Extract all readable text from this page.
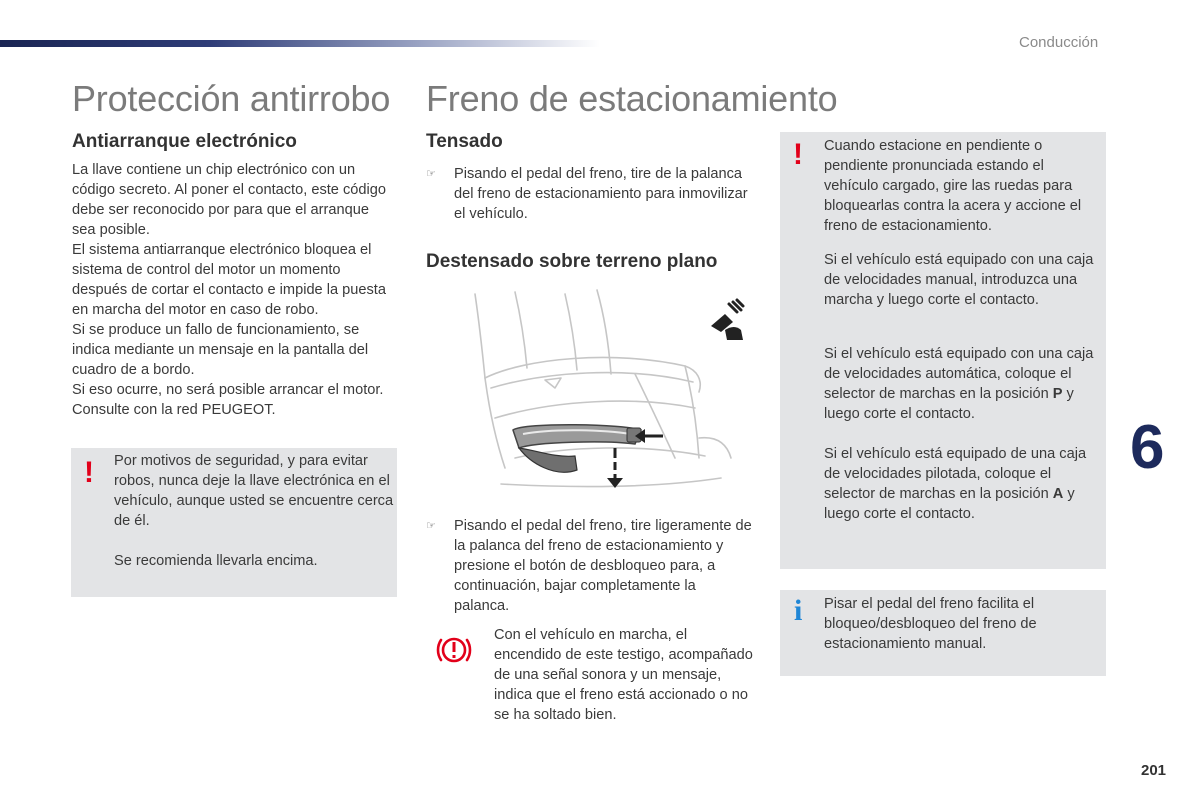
Conducción
Protección antirrobo
Antiarranque electrónico

La llave contiene un chip electrónico con un código secreto. Al poner el contacto, este código debe ser reconocido por para que el arranque sea posible.

El sistema antiarranque electrónico bloquea el sistema de control del motor un momento después de cortar el contacto e impide la puesta en marcha del motor en caso de robo.

Si se produce un fallo de funcionamiento, se indica mediante un mensaje en la pantalla del cuadro de a bordo.

Si eso ocurre, no será posible arrancar el motor. Consulte con la red PEUGEOT.

! Por motivos de seguridad, y para evitar robos, nunca deje la llave electrónica en el vehículo, aunque usted se encuentre cerca de él.

Se recomienda llevarla encima.

Freno de estacionamiento
Tensado
☞ Pisando el pedal del freno, tire de la palanca del freno de estacionamiento para inmovilizar el vehículo.
Destensado sobre terreno plano
☞ Pisando el pedal del freno, tire ligeramente de la palanca del freno de estacionamiento y presione el botón de desbloqueo para, a continuación, bajar completamente la palanca.
Con el vehículo en marcha, el encendido de este testigo, acompañado de una señal sonora y un mensaje, indica que el freno está accionado o no se ha soltado bien.
! Cuando estacione en pendiente o pendiente pronunciada estando el vehículo cargado, gire las ruedas para bloquearlas contra la acera y accione el freno de estacionamiento.

Si el vehículo está equipado con una caja de velocidades manual, introduzca una marcha y luego corte el contacto.

Si el vehículo está equipado con una caja de velocidades automática, coloque el selector de marchas en la posición P y luego corte el contacto.

Si el vehículo está equipado de una caja de velocidades pilotada, coloque el selector de marchas en la posición A y luego corte el contacto.

i Pisar el pedal del freno facilita el bloqueo/desbloqueo del freno de estacionamiento manual.
6
201
